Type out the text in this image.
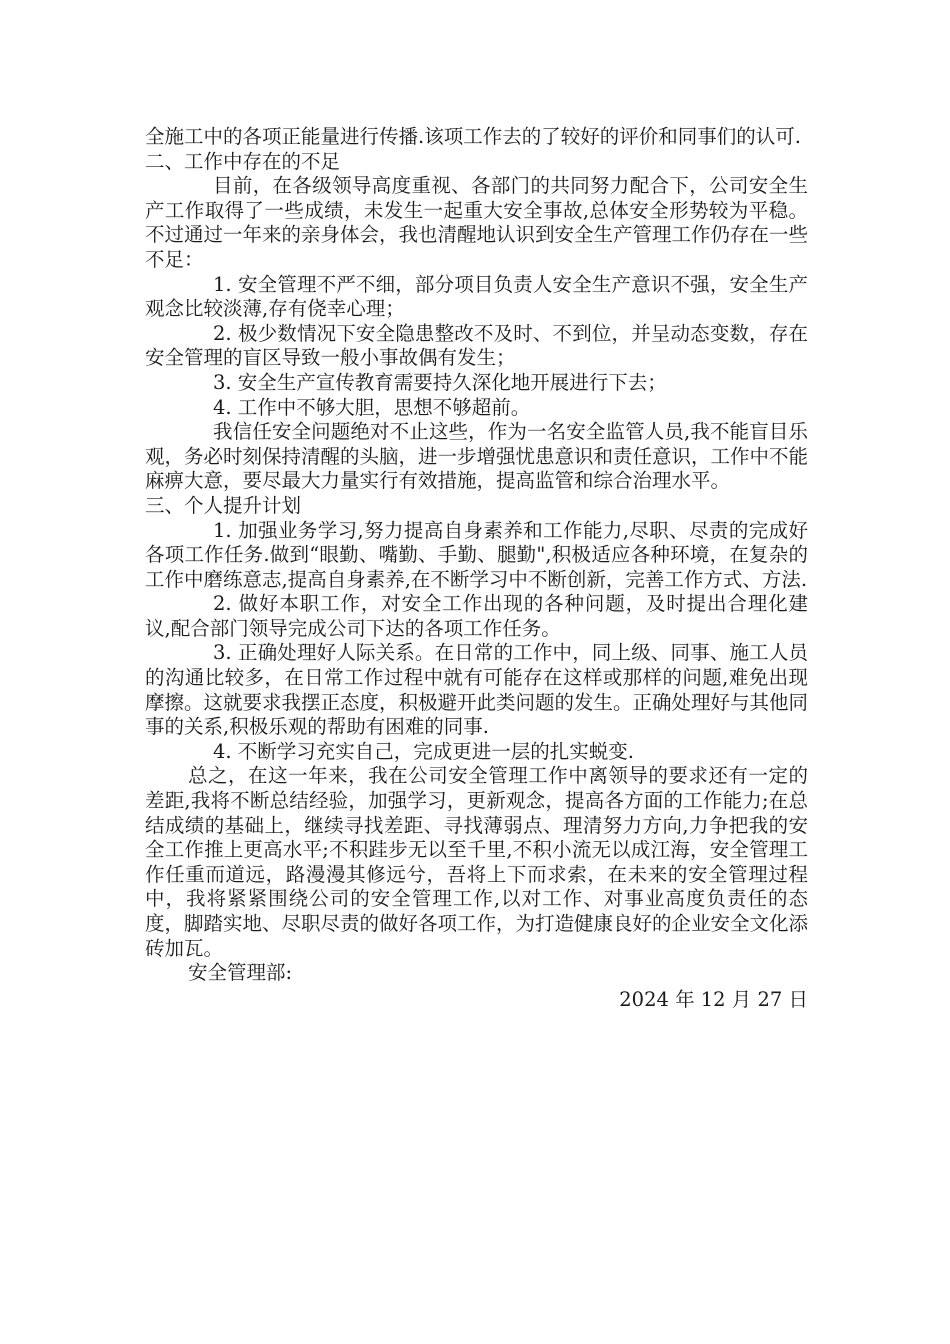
全施工中的各项正能量进行传播.该项工作去的了较好的评价和同事们的认可.

二、工作中存在的不足

目前，在各级领导高度重视、各部门的共同努力配合下，公司安全生产工作取得了一些成绩，未发生一起重大安全事故,总体安全形势较为平稳。不过通过一年来的亲身体会，我也清醒地认识到安全生产管理工作仍存在一些不足：

1. 安全管理不严不细，部分项目负责人安全生产意识不强，安全生产观念比较淡薄,存有侥幸心理；

2. 极少数情况下安全隐患整改不及时、不到位，并呈动态变数，存在安全管理的盲区导致一般小事故偶有发生；

3. 安全生产宣传教育需要持久深化地开展进行下去；

4. 工作中不够大胆，思想不够超前。

我信任安全问题绝对不止这些，作为一名安全监管人员,我不能盲目乐观，务必时刻保持清醒的头脑，进一步增强忧患意识和责任意识，工作中不能麻痹大意，要尽最大力量实行有效措施，提高监管和综合治理水平。

三、个人提升计划

1. 加强业务学习,努力提高自身素养和工作能力,尽职、尽责的完成好各项工作任务.做到“眼勤、嘴勤、手勤、腿勤",积极适应各种环境，在复杂的工作中磨练意志,提高自身素养,在不断学习中不断创新，完善工作方式、方法.

2. 做好本职工作，对安全工作出现的各种问题，及时提出合理化建议,配合部门领导完成公司下达的各项工作任务。

3. 正确处理好人际关系。在日常的工作中，同上级、同事、施工人员的沟通比较多，在日常工作过程中就有可能存在这样或那样的问题,难免出现摩擦。这就要求我摆正态度，积极避开此类问题的发生。正确处理好与其他同事的关系,积极乐观的帮助有困难的同事.

4. 不断学习充实自己，完成更进一层的扎实蜕变.

总之，在这一年来，我在公司安全管理工作中离领导的要求还有一定的差距,我将不断总结经验，加强学习，更新观念，提高各方面的工作能力;在总结成绩的基础上，继续寻找差距、寻找薄弱点、理清努力方向,力争把我的安全工作推上更高水平;不积跬步无以至千里,不积小流无以成江海，安全管理工作任重而道远，路漫漫其修远兮，吾将上下而求索，在未来的安全管理过程中，我将紧紧围绕公司的安全管理工作,以对工作、对事业高度负责任的态度，脚踏实地、尽职尽责的做好各项工作，为打造健康良好的企业安全文化添砖加瓦。

安全管理部:

2024 年 12 月 27 日
